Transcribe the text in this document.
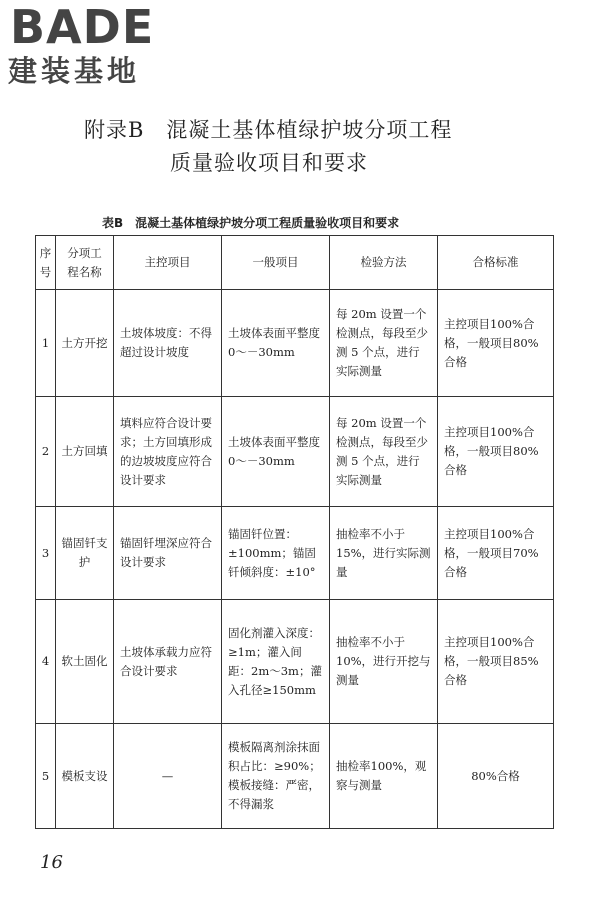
BADE
建装基地
附录B　混凝土基体植绿护坡分项工程
质量验收项目和要求
表B　混凝土基体植绿护坡分项工程质量验收项目和要求
序号	分项工程名称	主控项目	一般项目	检验方法	合格标准
1	土方开挖	土坡体坡度：不得超过设计坡度	土坡体表面平整度 0～－30mm	每 20m 设置一个检测点，每段至少测 5 个点，进行实际测量	主控项目100%合格，一般项目80%合格
2	土方回填	填料应符合设计要求；土方回填形成的边坡坡度应符合设计要求	土坡体表面平整度 0～－30mm	每 20m 设置一个检测点，每段至少测 5 个点，进行实际测量	主控项目100%合格，一般项目80%合格
3	锚固钎支护	锚固钎埋深应符合设计要求	锚固钎位置：±100mm；锚固钎倾斜度：±10°	抽检率不小于15%，进行实际测量	主控项目100%合格，一般项目70%合格
4	软土固化	土坡体承载力应符合设计要求	固化剂灌入深度：≥1m；灌入间距：2m～3m；灌入孔径≥150mm	抽检率不小于10%，进行开挖与测量	主控项目100%合格，一般项目85%合格
5	模板支设	—	模板隔离剂涂抹面积占比：≥90%；模板接缝：严密，不得漏浆	抽检率100%，观察与测量	80%合格
16
